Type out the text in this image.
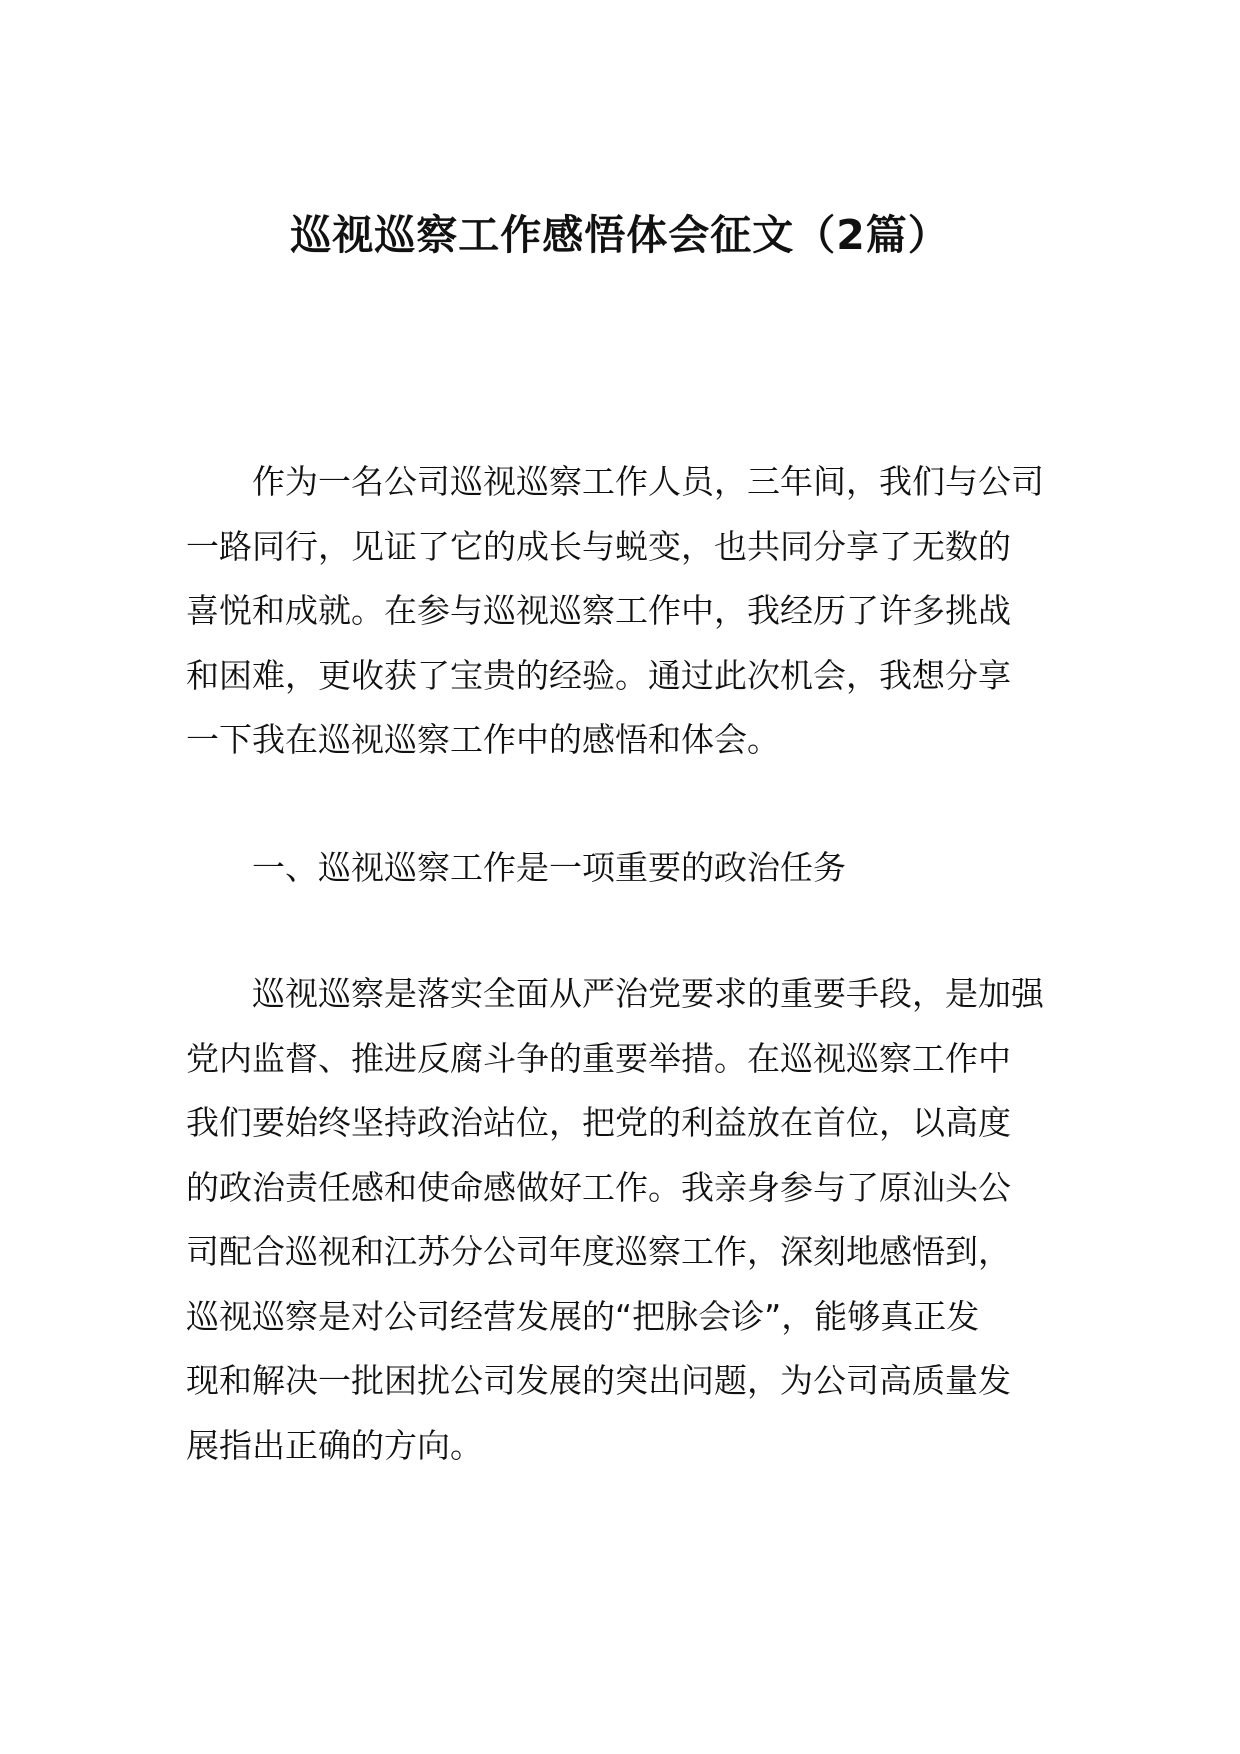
巡视巡察工作感悟体会征文（2篇）
作为一名公司巡视巡察工作人员，三年间，我们与公司
一路同行，见证了它的成长与蜕变，也共同分享了无数的
喜悦和成就。在参与巡视巡察工作中，我经历了许多挑战
和困难，更收获了宝贵的经验。通过此次机会，我想分享
一下我在巡视巡察工作中的感悟和体会。
一、巡视巡察工作是一项重要的政治任务
巡视巡察是落实全面从严治党要求的重要手段，是加强
党内监督、推进反腐斗争的重要举措。在巡视巡察工作中
我们要始终坚持政治站位，把党的利益放在首位，以高度
的政治责任感和使命感做好工作。我亲身参与了原汕头公
司配合巡视和江苏分公司年度巡察工作，深刻地感悟到，
巡视巡察是对公司经营发展的“把脉会诊”，能够真正发
现和解决一批困扰公司发展的突出问题，为公司高质量发
展指出正确的方向。
